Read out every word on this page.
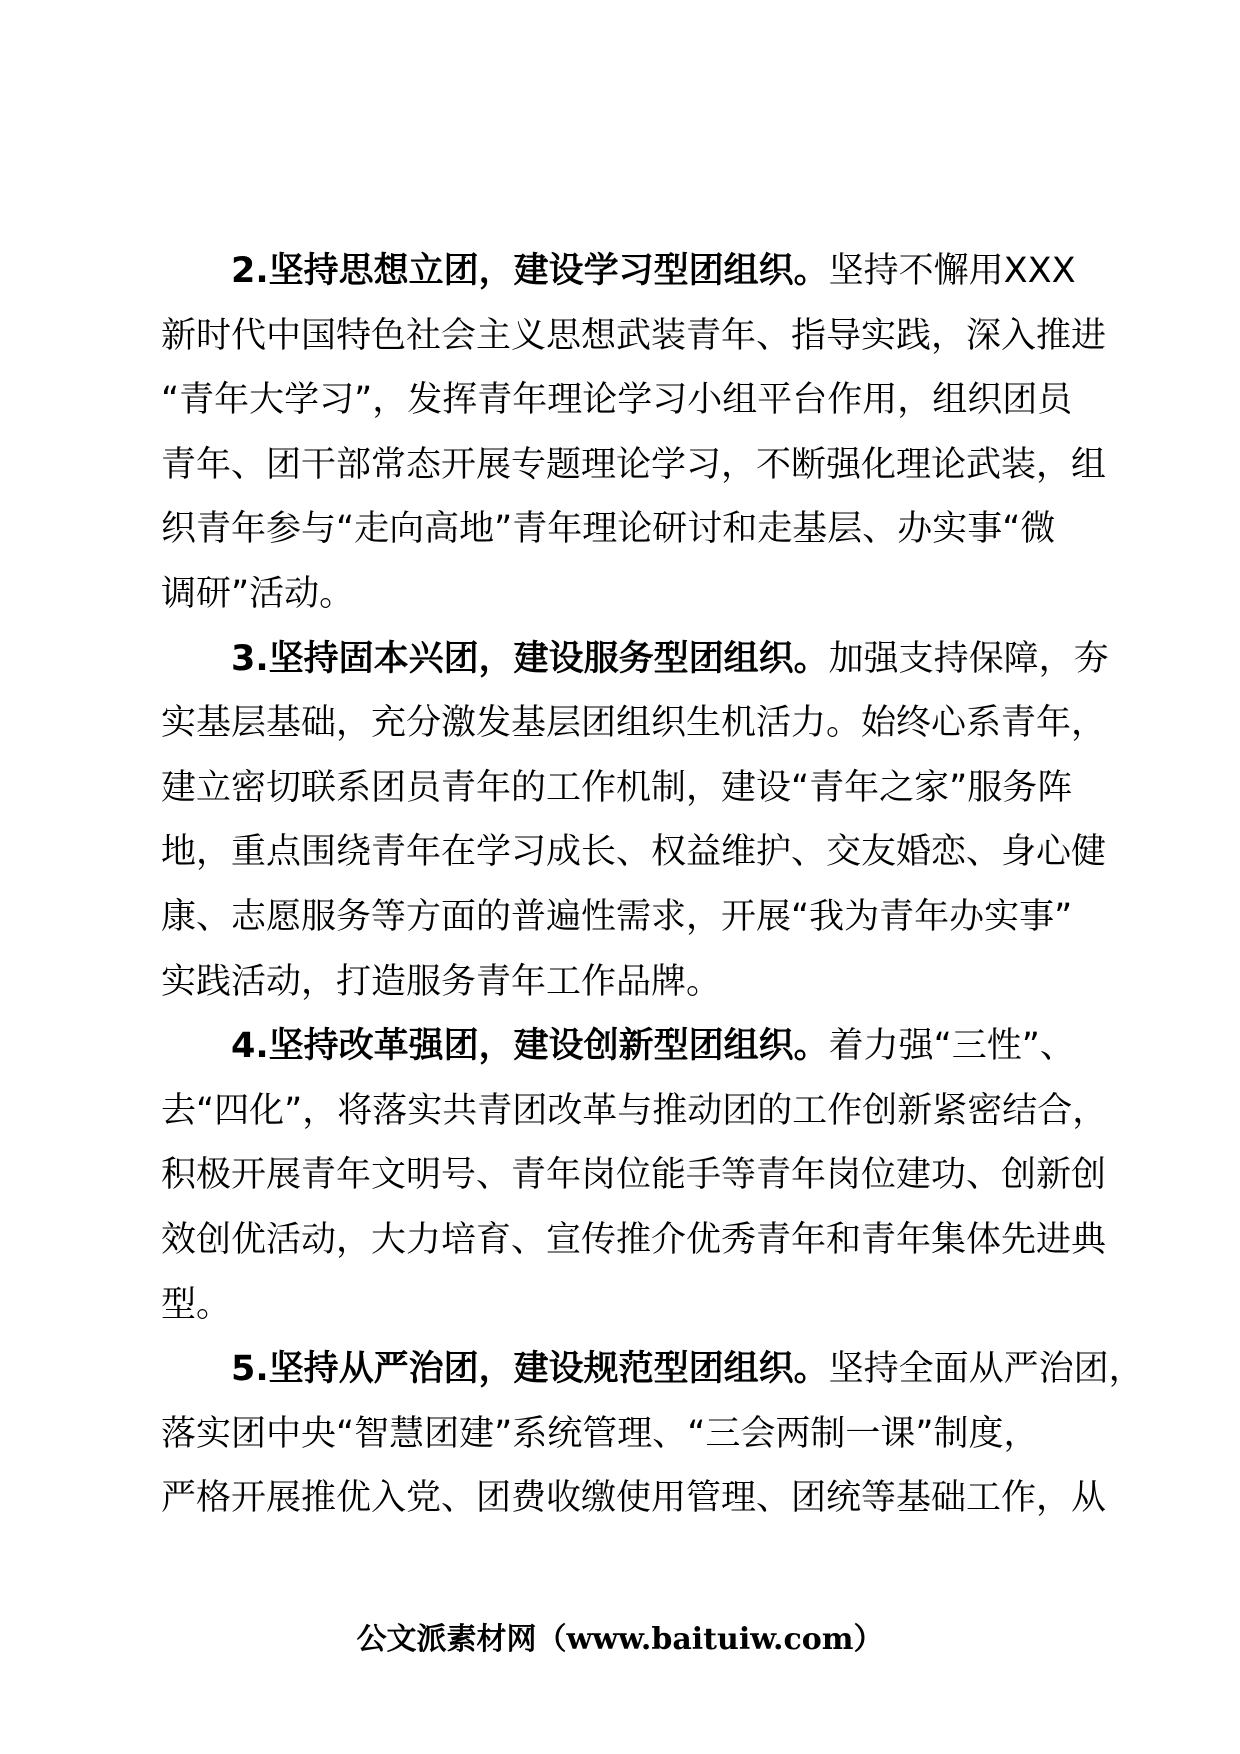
2.坚持思想立团，建设学习型团组织。坚持不懈用XXX
新时代中国特色社会主义思想武装青年、指导实践，深入推进
“青年大学习”，发挥青年理论学习小组平台作用，组织团员
青年、团干部常态开展专题理论学习，不断强化理论武装，组
织青年参与“走向高地”青年理论研讨和走基层、办实事“微
调研”活动。
3.坚持固本兴团，建设服务型团组织。加强支持保障，夯
实基层基础，充分激发基层团组织生机活力。始终心系青年，
建立密切联系团员青年的工作机制，建设“青年之家”服务阵
地，重点围绕青年在学习成长、权益维护、交友婚恋、身心健
康、志愿服务等方面的普遍性需求，开展“我为青年办实事”
实践活动，打造服务青年工作品牌。
4.坚持改革强团，建设创新型团组织。着力强“三性”、
去“四化”，将落实共青团改革与推动团的工作创新紧密结合，
积极开展青年文明号、青年岗位能手等青年岗位建功、创新创
效创优活动，大力培育、宣传推介优秀青年和青年集体先进典
型。
5.坚持从严治团，建设规范型团组织。坚持全面从严治团，
落实团中央“智慧团建”系统管理、“三会两制一课”制度，
严格开展推优入党、团费收缴使用管理、团统等基础工作，从
公文派素材网（www.baituiw.com）
